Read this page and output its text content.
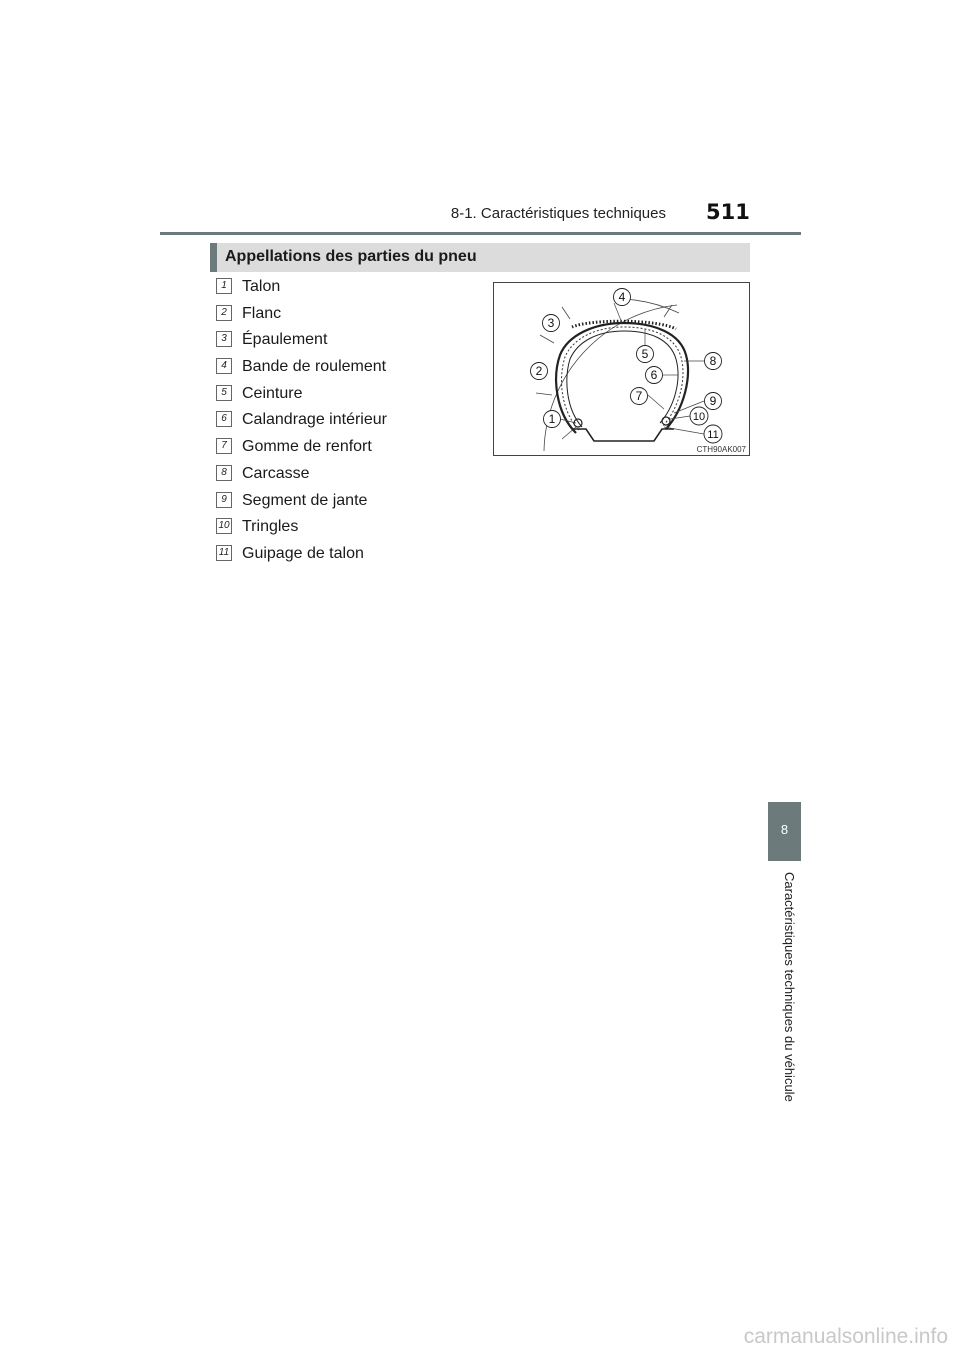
8-1. Caractéristiques techniques 511
Appellations des parties du pneu
1 Talon
2 Flanc
3 Épaulement
4 Bande de roulement
5 Ceinture
6 Calandrage intérieur
7 Gomme de renfort
8 Carcasse
9 Segment de jante
10 Tringles
11 Guipage de talon
4
3
5	8
2	6
7	9
10
1
11
CTH90AK007
8
Caractéristiques techniques du véhicule
carmanualsonline.info
